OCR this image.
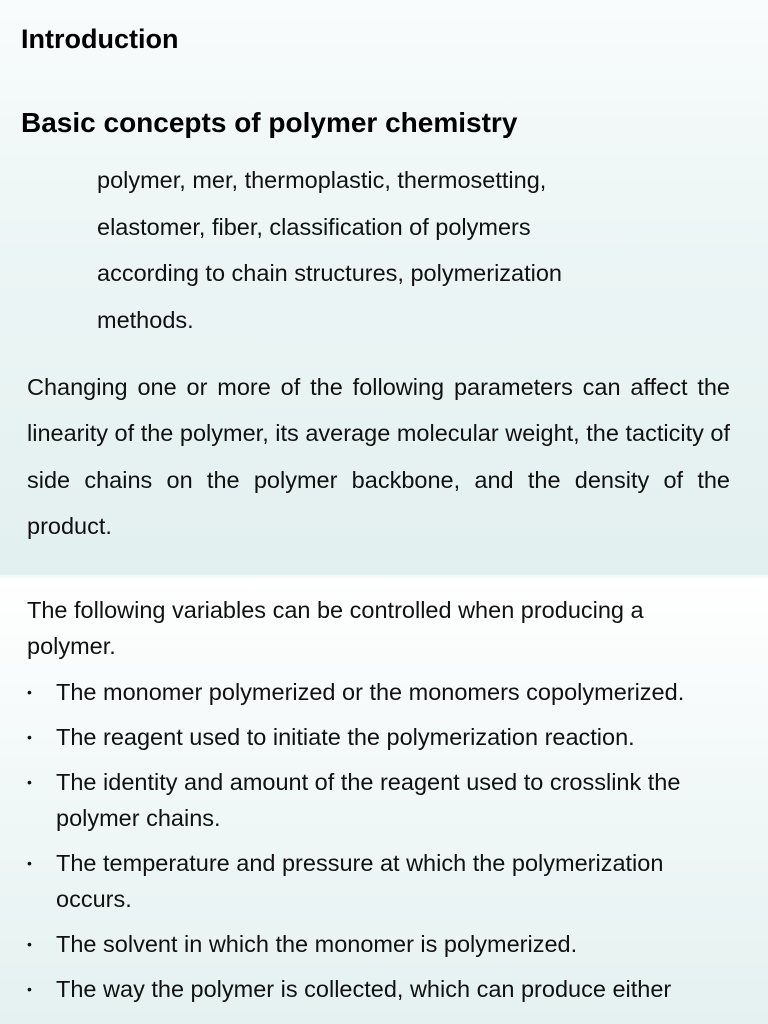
Introduction
Basic concepts of polymer chemistry
polymer, mer, thermoplastic, thermosetting,
elastomer, fiber, classification of polymers
according to chain structures, polymerization
methods.

Changing one or more of the following parameters can affect the linearity of the polymer, its average molecular weight, the tacticity of side chains on the polymer backbone, and the density of the product.

The following variables can be controlled when producing a polymer.

• The monomer polymerized or the monomers copolymerized.
• The reagent used to initiate the polymerization reaction.
• The identity and amount of the reagent used to crosslink the polymer chains.
• The temperature and pressure at which the polymerization occurs.
• The solvent in which the monomer is polymerized.
• The way the polymer is collected, which can produce either
